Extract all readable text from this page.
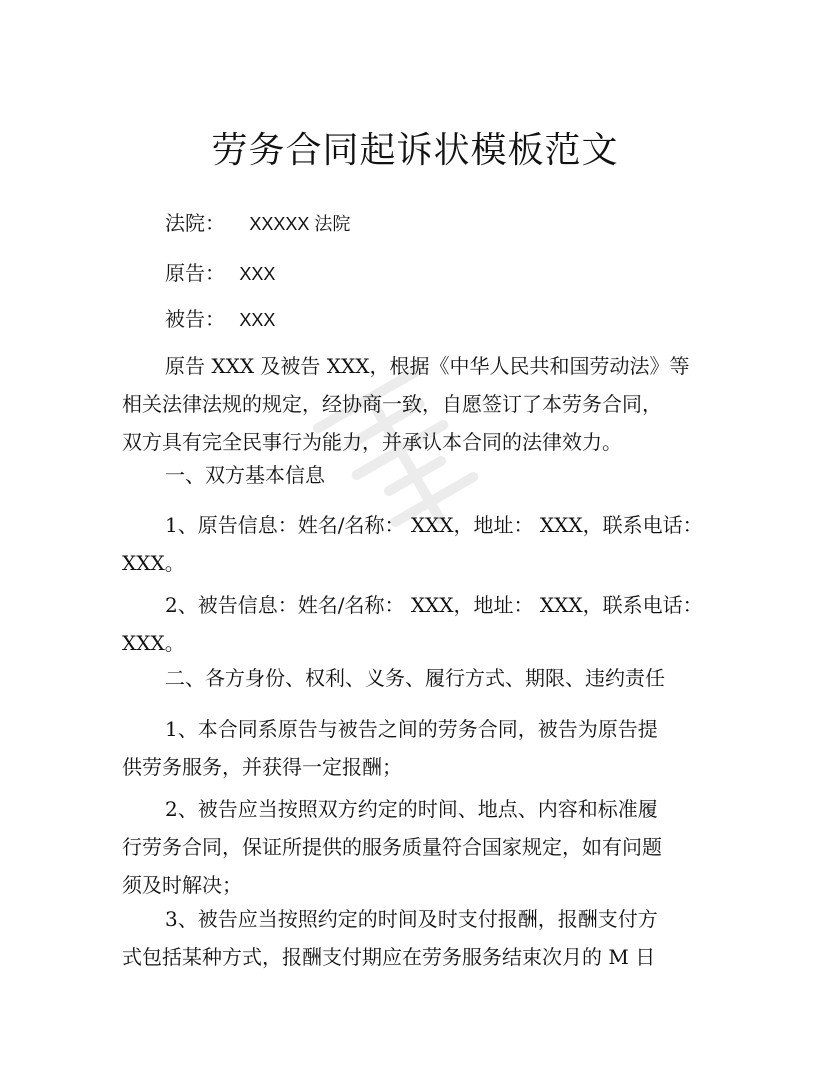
劳务合同起诉状模板范文
法院： XXXXX 法院
原告： XXX
被告： XXX
原告 XXX 及被告 XXX，根据《中华人民共和国劳动法》等
相关法律法规的规定，经协商一致，自愿签订了本劳务合同，
双方具有完全民事行为能力，并承认本合同的法律效力。
一、双方基本信息
1、原告信息：姓名/名称： XXX，地址： XXX，联系电话：
XXX。
2、被告信息：姓名/名称： XXX，地址： XXX，联系电话：
XXX。
二、各方身份、权利、义务、履行方式、期限、违约责任
1、本合同系原告与被告之间的劳务合同，被告为原告提
供劳务服务，并获得一定报酬；
2、被告应当按照双方约定的时间、地点、内容和标准履
行劳务合同，保证所提供的服务质量符合国家规定，如有问题
须及时解决；
3、被告应当按照约定的时间及时支付报酬，报酬支付方
式包括某种方式，报酬支付期应在劳务服务结束次月的 M 日
